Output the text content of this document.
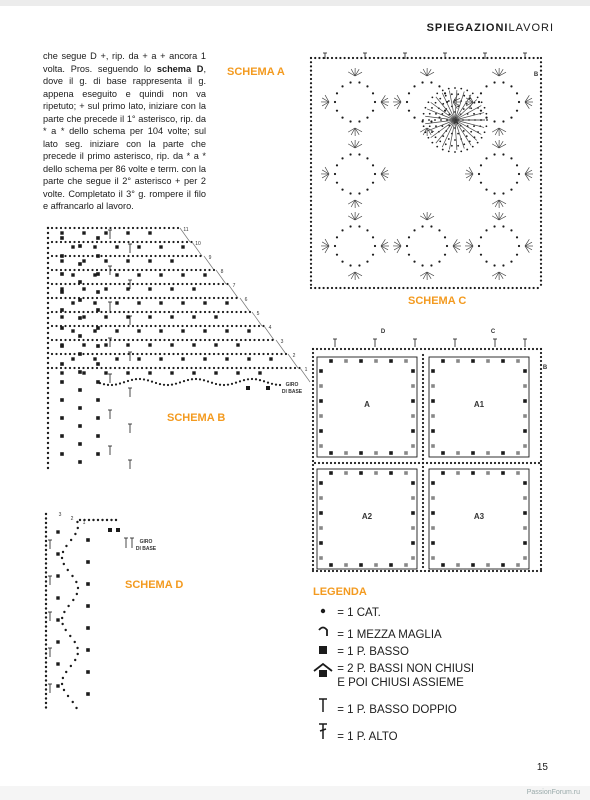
SPIEGAZIONILAVORI
che segue D +, rip. da + a + ancora 1 volta. Pros. seguendo lo schema D, dove il g. di base rappresenta il g. appena eseguito e quindi non va ripetuto; + sul primo lato, iniziare con la parte che precede il 1° asterisco, rip. da * a * dello schema per 104 volte; sul lato seg. iniziare con la parte che precede il primo asterisco, rip. da * a * dello schema per 86 volte e term. con la parte che segue il 2° asterisco + per 2 volte. Completato il 3° g. rompere il filo e affrancarlo al lavoro.
SCHEMA A
A
B
SCHEMA C
11
10
9
8
7
6
5
4
3
2
1
GIRO
DI BASE
SCHEMA B
A	A1
A2	A3
D	C
B
GIRO
DI BASE
3
2
1
SCHEMA D
LEGENDA
= 1 CAT.
= 1 MEZZA MAGLIA
= 1 P. BASSO
= 2 P. BASSI NON CHIUSI
E POI CHIUSI ASSIEME
= 1 P. BASSO DOPPIO
= 1 P. ALTO
15
PassionForum.ru
